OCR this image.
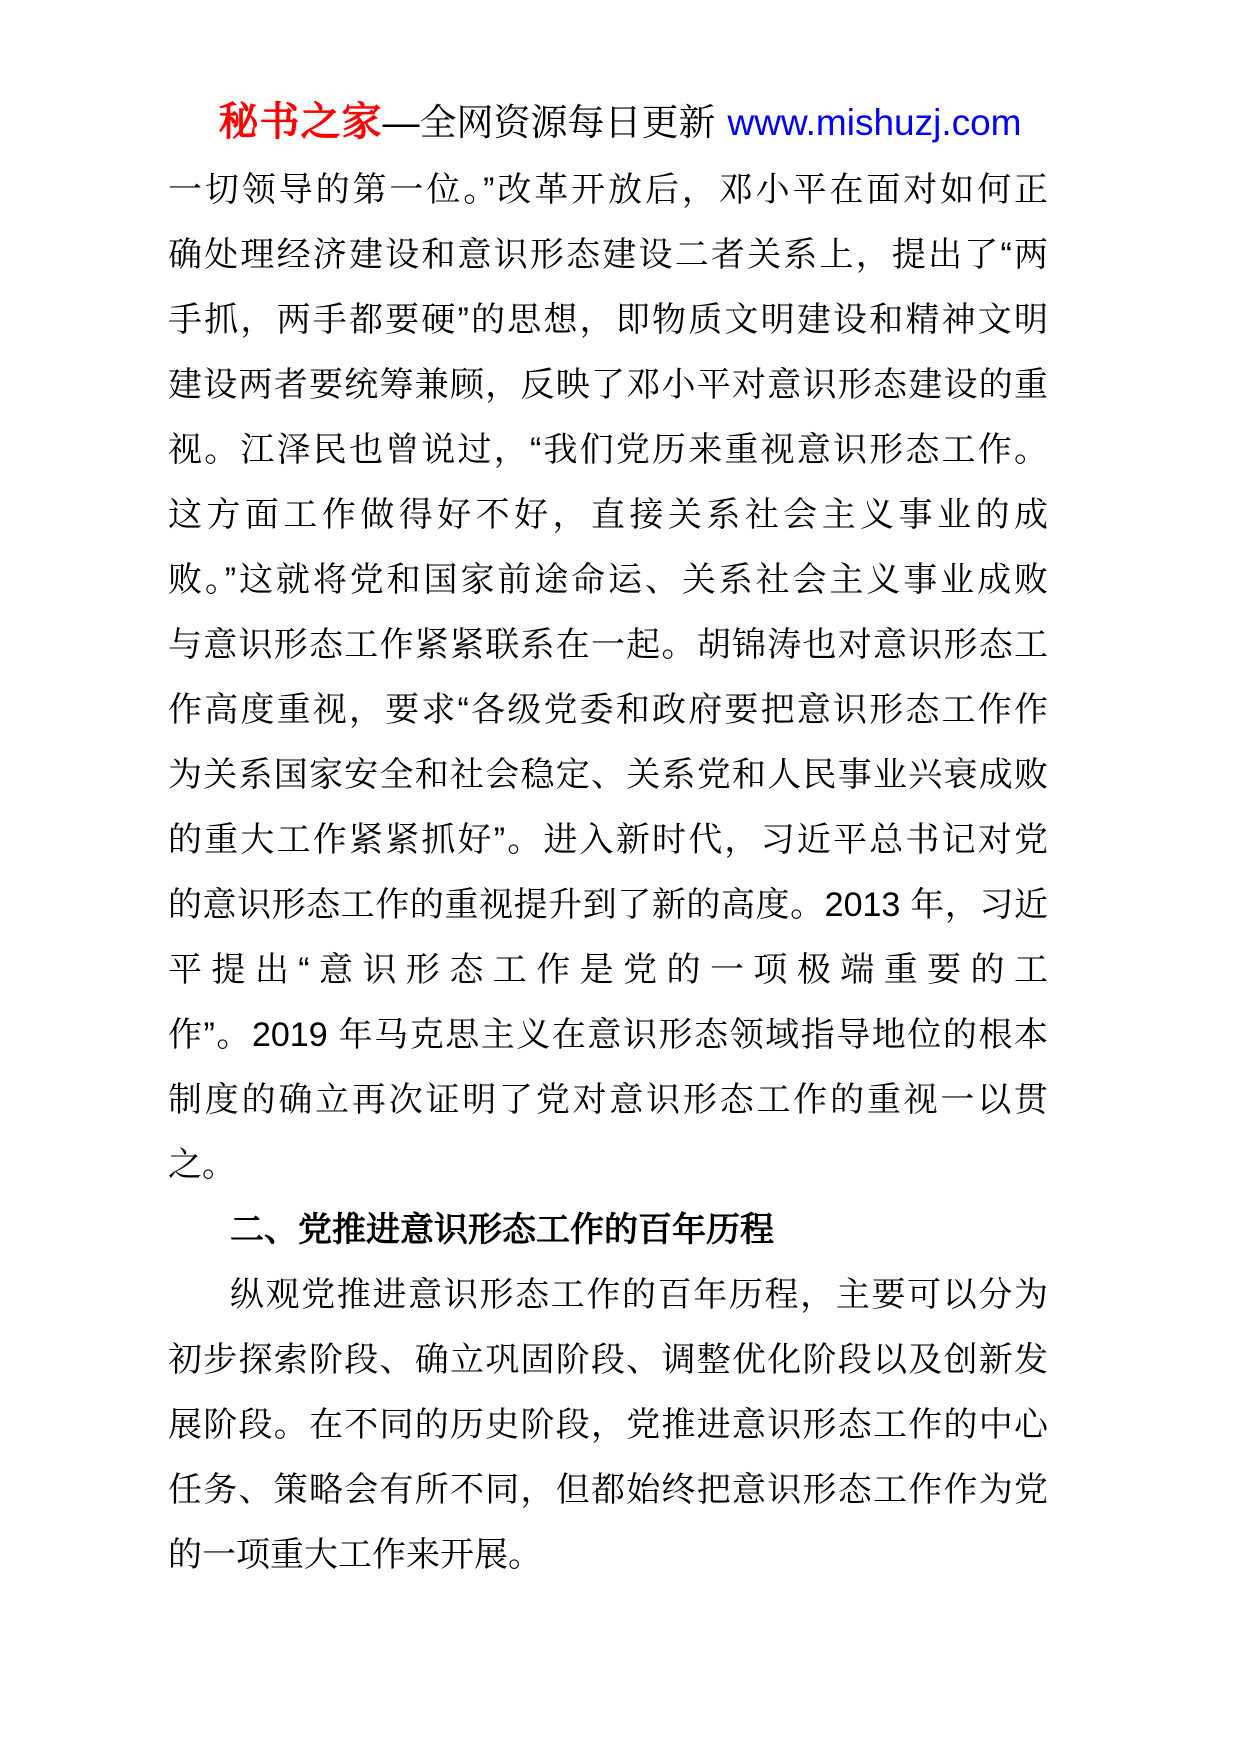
秘书之家—全网资源每日更新 www.mishuzj.com
一切领导的第一位。”改革开放后，邓小平在面对如何正
确处理经济建设和意识形态建设二者关系上，提出了“两
手抓，两手都要硬”的思想，即物质文明建设和精神文明
建设两者要统筹兼顾，反映了邓小平对意识形态建设的重
视。江泽民也曾说过，“我们党历来重视意识形态工作。
这方面工作做得好不好，直接关系社会主义事业的成
败。”这就将党和国家前途命运、关系社会主义事业成败
与意识形态工作紧紧联系在一起。胡锦涛也对意识形态工
作高度重视，要求“各级党委和政府要把意识形态工作作
为关系国家安全和社会稳定、关系党和人民事业兴衰成败
的重大工作紧紧抓好”。进入新时代，习近平总书记对党
的意识形态工作的重视提升到了新的高度。2013 年，习近
平提出“意识形态工作是党的一项极端重要的工
作”。2019 年马克思主义在意识形态领域指导地位的根本
制度的确立再次证明了党对意识形态工作的重视一以贯
之。
二、党推进意识形态工作的百年历程
纵观党推进意识形态工作的百年历程，主要可以分为
初步探索阶段、确立巩固阶段、调整优化阶段以及创新发
展阶段。在不同的历史阶段，党推进意识形态工作的中心
任务、策略会有所不同，但都始终把意识形态工作作为党
的一项重大工作来开展。
